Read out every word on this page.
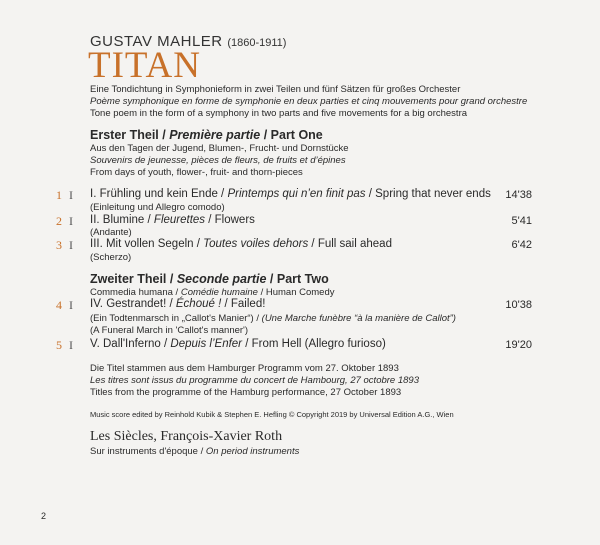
GUSTAV MAHLER (1860-1911)
TITAN
Eine Tondichtung in Symphonieform in zwei Teilen und fünf Sätzen für großes Orchester
Poème symphonique en forme de symphonie en deux parties et cinq mouvements pour grand orchestre
Tone poem in the form of a symphony in two parts and five movements for a big orchestra
Erster Theil / Première partie / Part One
Aus den Tagen der Jugend, Blumen-, Frucht- und Dornstücke
Souvenirs de jeunesse, pièces de fleurs, de fruits et d’épines
From days of youth, flower-, fruit- and thorn-pieces
1 I	I. Frühling und kein Ende / Printemps qui n’en finit pas / Spring that never ends 14'38
(Einleitung und Allegro comodo)
2 I	II. Blumine / Fleurettes / Flowers	5'41
(Andante)
3 I	III. Mit vollen Segeln / Toutes voiles dehors / Full sail ahead	6'42
(Scherzo)
Zweiter Theil / Seconde partie / Part Two
Commedia humana / Comédie humaine / Human Comedy
4 I	IV. Gestrandet! / Échoué ! / Failed!	10'38
(Ein Todtenmarsch in „Callot's Manier“) / (Une Marche funèbre “à la manière de Callot”)
(A Funeral March in 'Callot's manner')
5 I	V. Dall'Inferno / Depuis l’Enfer / From Hell (Allegro furioso)	19'20
Die Titel stammen aus dem Hamburger Programm vom 27. Oktober 1893
Les titres sont issus du programme du concert de Hambourg, 27 octobre 1893
Titles from the programme of the Hamburg performance, 27 October 1893
Music score edited by Reinhold Kubik & Stephen E. Hefling © Copyright 2019 by Universal Edition A.G., Wien
Les Siècles, François-Xavier Roth
Sur instruments d'époque / On period instruments
2
